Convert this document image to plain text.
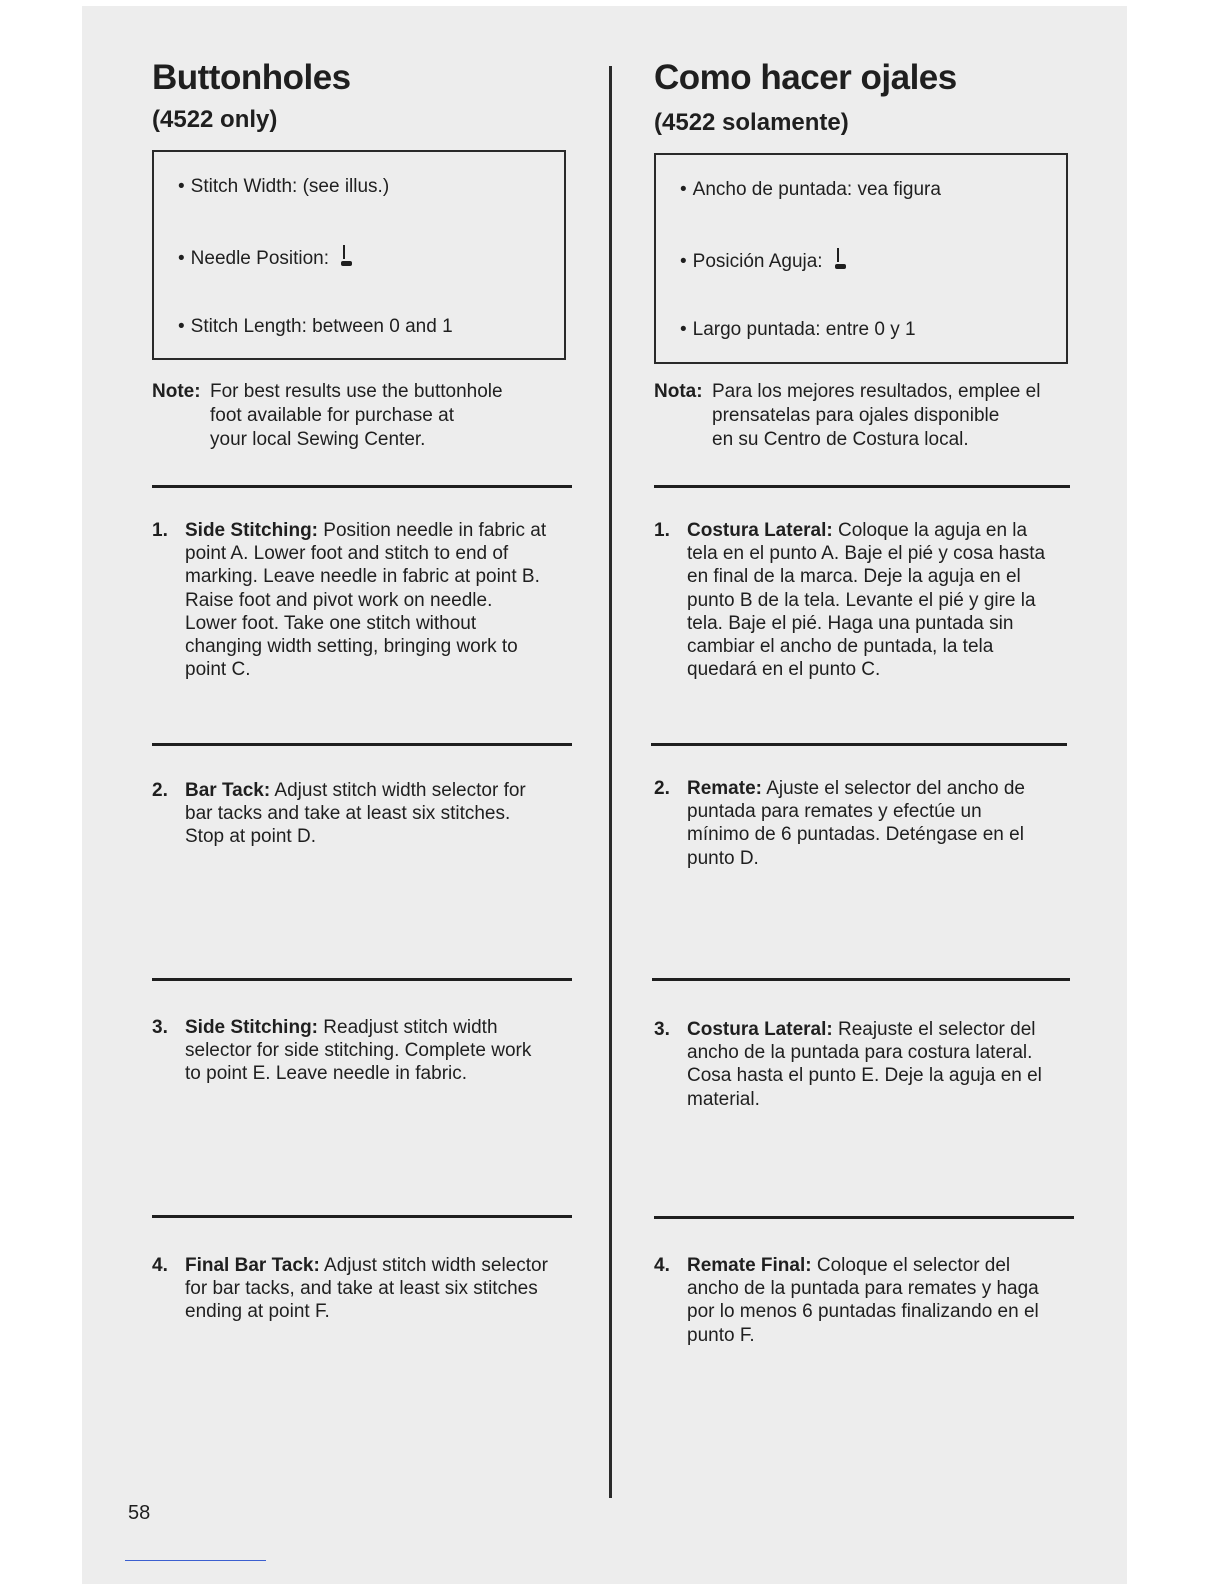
Buttonholes
(4522 only)
• Stitch Width: (see illus.)
• Needle Position:
• Stitch Length: between 0 and 1
Note: For best results use the buttonhole
foot available for purchase at
your local Sewing Center.
1. Side Stitching: Position needle in fabric at
point A. Lower foot and stitch to end of
marking. Leave needle in fabric at point B.
Raise foot and pivot work on needle.
Lower foot. Take one stitch without
changing width setting, bringing work to
point C.
2. Bar Tack: Adjust stitch width selector for
bar tacks and take at least six stitches.
Stop at point D.
3. Side Stitching: Readjust stitch width
selector for side stitching. Complete work
to point E. Leave needle in fabric.
4. Final Bar Tack: Adjust stitch width selector
for bar tacks, and take at least six stitches
ending at point F.
Como hacer ojales
(4522 solamente)
• Ancho de puntada: vea figura
• Posición Aguja:
• Largo puntada: entre 0 y 1
Nota: Para los mejores resultados, emplee el
prensatelas para ojales disponible
en su Centro de Costura local.
1. Costura Lateral: Coloque la aguja en la
tela en el punto A. Baje el pié y cosa hasta
en final de la marca. Deje la aguja en el
punto B de la tela. Levante el pié y gire la
tela. Baje el pié. Haga una puntada sin
cambiar el ancho de puntada, la tela
quedará en el punto C.
2. Remate: Ajuste el selector del ancho de
puntada para remates y efectúe un
mínimo de 6 puntadas. Deténgase en el
punto D.
3. Costura Lateral: Reajuste el selector del
ancho de la puntada para costura lateral.
Cosa hasta el punto E. Deje la aguja en el
material.
4. Remate Final: Coloque el selector del
ancho de la puntada para remates y haga
por lo menos 6 puntadas finalizando en el
punto F.
58
